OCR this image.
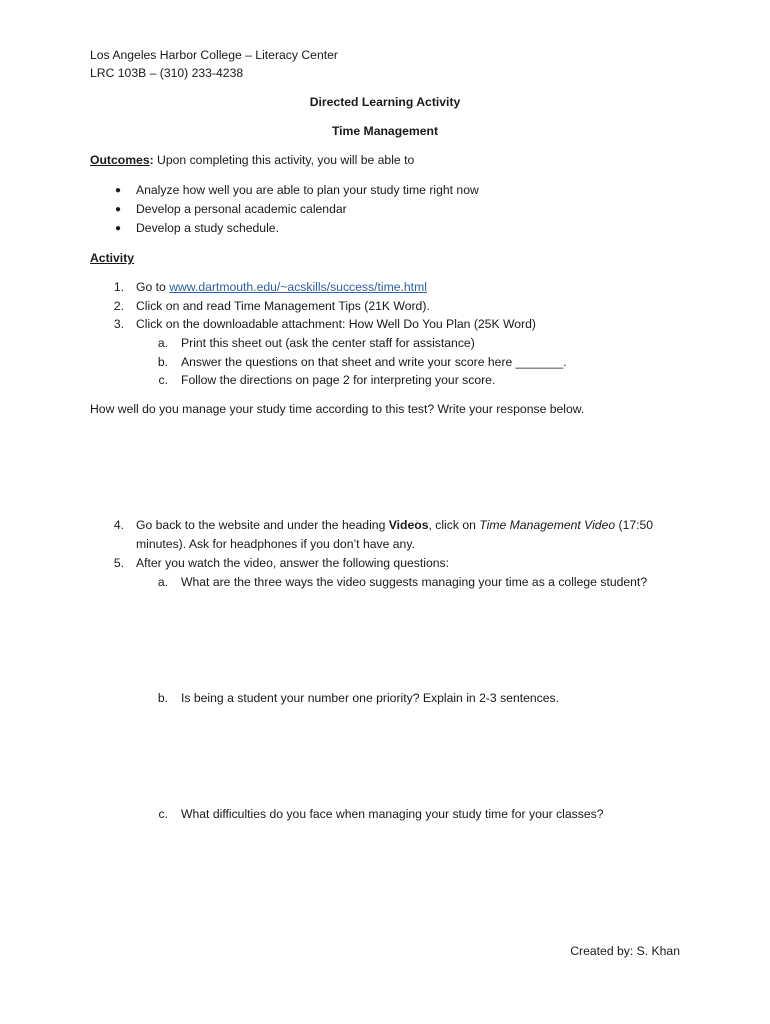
Los Angeles Harbor College – Literacy Center
LRC 103B – (310) 233-4238
Directed Learning Activity
Time Management
Outcomes: Upon completing this activity, you will be able to
● Analyze how well you are able to plan your study time right now
● Develop a personal academic calendar
● Develop a study schedule.
Activity
1. Go to www.dartmouth.edu/~acskills/success/time.html
2. Click on and read Time Management Tips (21K Word).
3. Click on the downloadable attachment: How Well Do You Plan (25K Word)
a. Print this sheet out (ask the center staff for assistance)
b. Answer the questions on that sheet and write your score here _______.
c. Follow the directions on page 2 for interpreting your score.
How well do you manage your study time according to this test? Write your response below.
4. Go back to the website and under the heading Videos, click on Time Management Video (17:50
minutes). Ask for headphones if you don’t have any.
5. After you watch the video, answer the following questions:
a. What are the three ways the video suggests managing your time as a college student?
b. Is being a student your number one priority? Explain in 2-3 sentences.
c. What difficulties do you face when managing your study time for your classes?
Created by: S. Khan
